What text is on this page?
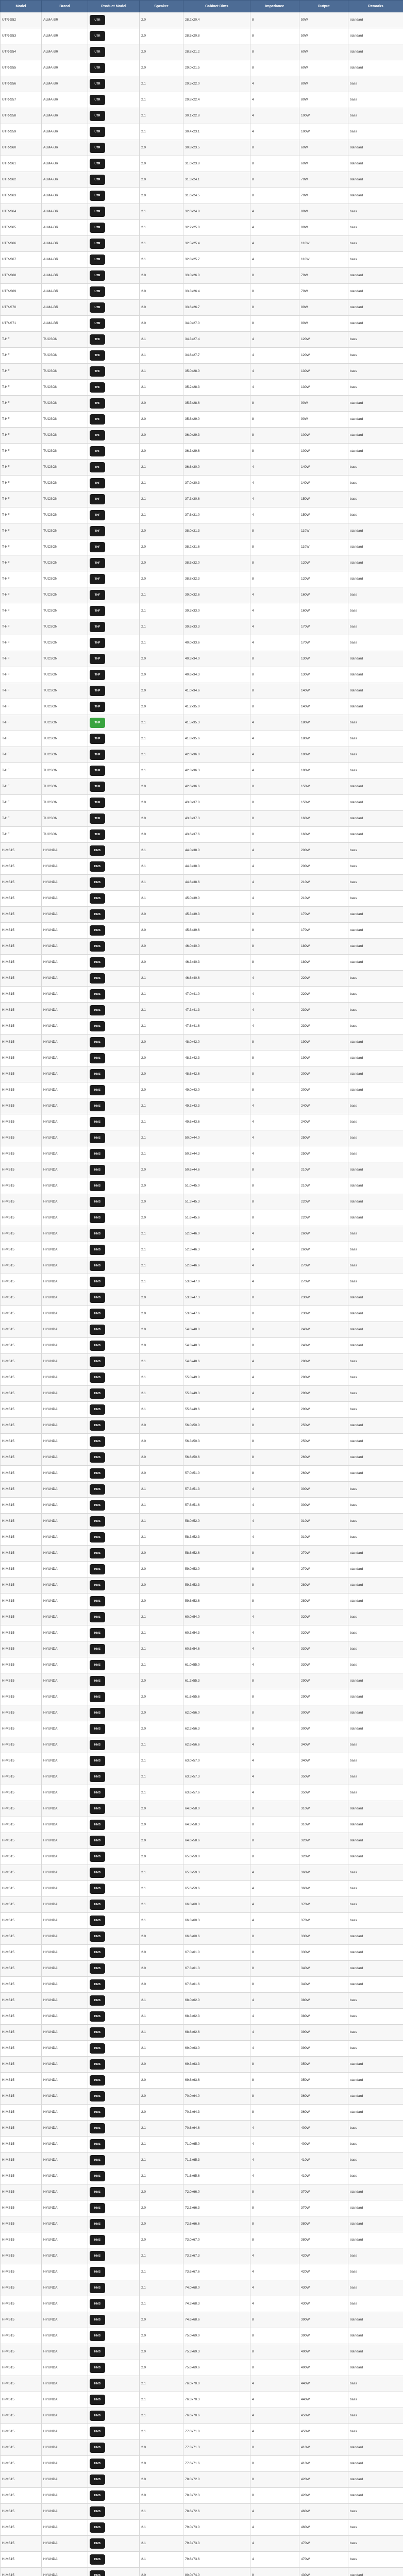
Model	Brand	Product Model	Speaker	Cabinet Dims	Impedance	Output	Remarks
UTR-S52	ALMA-BR	UTR	2.0	28.2x20.4	8	50W	standard
UTR-S53	ALMA-BR	UTR	2.0	28.5x20.8	8	50W	standard
UTR-S54	ALMA-BR	UTR	2.0	28.8x21.2	8	60W	standard
UTR-S55	ALMA-BR	UTR	2.0	29.0x21.5	8	60W	standard
UTR-S56	ALMA-BR	UTR	2.1	29.5x22.0	4	80W	bass
UTR-S57	ALMA-BR	UTR	2.1	29.8x22.4	4	80W	bass
UTR-S58	ALMA-BR	UTR	2.1	30.1x22.8	4	100W	bass
UTR-S59	ALMA-BR	UTR	2.1	30.4x23.1	4	100W	bass
UTR-S60	ALMA-BR	UTR	2.0	30.8x23.5	8	60W	standard
UTR-S61	ALMA-BR	UTR	2.0	31.0x23.8	8	60W	standard
UTR-S62	ALMA-BR	UTR	2.0	31.3x24.1	8	70W	standard
UTR-S63	ALMA-BR	UTR	2.0	31.6x24.5	8	70W	standard
UTR-S64	ALMA-BR	UTR	2.1	32.0x24.8	4	90W	bass
UTR-S65	ALMA-BR	UTR	2.1	32.2x25.0	4	90W	bass
UTR-S66	ALMA-BR	UTR	2.1	32.5x25.4	4	110W	bass
UTR-S67	ALMA-BR	UTR	2.1	32.8x25.7	4	110W	bass
UTR-S68	ALMA-BR	UTR	2.0	33.0x26.0	8	70W	standard
UTR-S69	ALMA-BR	UTR	2.0	33.3x26.4	8	70W	standard
UTR-S70	ALMA-BR	UTR	2.0	33.6x26.7	8	80W	standard
UTR-S71	ALMA-BR	UTR	2.0	34.0x27.0	8	80W	standard
T-HF	TUCSON	THF	2.1	34.3x27.4	4	120W	bass
T-HF	TUCSON	THF	2.1	34.6x27.7	4	120W	bass
T-HF	TUCSON	THF	2.1	35.0x28.0	4	130W	bass
T-HF	TUCSON	THF	2.1	35.2x28.3	4	130W	bass
T-HF	TUCSON	THF	2.0	35.5x28.6	8	90W	standard
T-HF	TUCSON	THF	2.0	35.8x29.0	8	90W	standard
T-HF	TUCSON	THF	2.0	36.0x29.3	8	100W	standard
T-HF	TUCSON	THF	2.0	36.3x29.6	8	100W	standard
T-HF	TUCSON	THF	2.1	36.6x30.0	4	140W	bass
T-HF	TUCSON	THF	2.1	37.0x30.3	4	140W	bass
T-HF	TUCSON	THF	2.1	37.3x30.6	4	150W	bass
T-HF	TUCSON	THF	2.1	37.6x31.0	4	150W	bass
T-HF	TUCSON	THF	2.0	38.0x31.3	8	110W	standard
T-HF	TUCSON	THF	2.0	38.2x31.6	8	110W	standard
T-HF	TUCSON	THF	2.0	38.5x32.0	8	120W	standard
T-HF	TUCSON	THF	2.0	38.8x32.3	8	120W	standard
T-HF	TUCSON	THF	2.1	39.0x32.6	4	160W	bass
T-HF	TUCSON	THF	2.1	39.3x33.0	4	160W	bass
T-HF	TUCSON	THF	2.1	39.6x33.3	4	170W	bass
T-HF	TUCSON	THF	2.1	40.0x33.6	4	170W	bass
T-HF	TUCSON	THF	2.0	40.3x34.0	8	130W	standard
T-HF	TUCSON	THF	2.0	40.6x34.3	8	130W	standard
T-HF	TUCSON	THF	2.0	41.0x34.6	8	140W	standard
T-HF	TUCSON	THF	2.0	41.2x35.0	8	140W	standard
T-HF	TUCSON	THF	2.1	41.5x35.3	4	180W	bass
T-HF	TUCSON	THF	2.1	41.8x35.6	4	180W	bass
T-HF	TUCSON	THF	2.1	42.0x36.0	4	190W	bass
T-HF	TUCSON	THF	2.1	42.3x36.3	4	190W	bass
T-HF	TUCSON	THF	2.0	42.6x36.6	8	150W	standard
T-HF	TUCSON	THF	2.0	43.0x37.0	8	150W	standard
T-HF	TUCSON	THF	2.0	43.3x37.3	8	160W	standard
T-HF	TUCSON	THF	2.0	43.6x37.6	8	160W	standard
H-MS15	HYUNDAI	HMS	2.1	44.0x38.0	4	200W	bass
H-MS15	HYUNDAI	HMS	2.1	44.3x38.3	4	200W	bass
H-MS15	HYUNDAI	HMS	2.1	44.6x38.6	4	210W	bass
H-MS15	HYUNDAI	HMS	2.1	45.0x39.0	4	210W	bass
H-MS15	HYUNDAI	HMS	2.0	45.3x39.3	8	170W	standard
H-MS15	HYUNDAI	HMS	2.0	45.6x39.6	8	170W	standard
H-MS15	HYUNDAI	HMS	2.0	46.0x40.0	8	180W	standard
H-MS15	HYUNDAI	HMS	2.0	46.3x40.3	8	180W	standard
H-MS15	HYUNDAI	HMS	2.1	46.6x40.6	4	220W	bass
H-MS15	HYUNDAI	HMS	2.1	47.0x41.0	4	220W	bass
H-MS15	HYUNDAI	HMS	2.1	47.3x41.3	4	230W	bass
H-MS15	HYUNDAI	HMS	2.1	47.6x41.6	4	230W	bass
H-MS15	HYUNDAI	HMS	2.0	48.0x42.0	8	190W	standard
H-MS15	HYUNDAI	HMS	2.0	48.3x42.3	8	190W	standard
H-MS15	HYUNDAI	HMS	2.0	48.6x42.6	8	200W	standard
H-MS15	HYUNDAI	HMS	2.0	49.0x43.0	8	200W	standard
H-MS15	HYUNDAI	HMS	2.1	49.3x43.3	4	240W	bass
H-MS15	HYUNDAI	HMS	2.1	49.6x43.6	4	240W	bass
H-MS15	HYUNDAI	HMS	2.1	50.0x44.0	4	250W	bass
H-MS15	HYUNDAI	HMS	2.1	50.3x44.3	4	250W	bass
H-MS15	HYUNDAI	HMS	2.0	50.6x44.6	8	210W	standard
H-MS15	HYUNDAI	HMS	2.0	51.0x45.0	8	210W	standard
H-MS15	HYUNDAI	HMS	2.0	51.3x45.3	8	220W	standard
H-MS15	HYUNDAI	HMS	2.0	51.6x45.6	8	220W	standard
H-MS15	HYUNDAI	HMS	2.1	52.0x46.0	4	260W	bass
H-MS15	HYUNDAI	HMS	2.1	52.3x46.3	4	260W	bass
H-MS15	HYUNDAI	HMS	2.1	52.6x46.6	4	270W	bass
H-MS15	HYUNDAI	HMS	2.1	53.0x47.0	4	270W	bass
H-MS15	HYUNDAI	HMS	2.0	53.3x47.3	8	230W	standard
H-MS15	HYUNDAI	HMS	2.0	53.6x47.6	8	230W	standard
H-MS15	HYUNDAI	HMS	2.0	54.0x48.0	8	240W	standard
H-MS15	HYUNDAI	HMS	2.0	54.3x48.3	8	240W	standard
H-MS15	HYUNDAI	HMS	2.1	54.6x48.6	4	280W	bass
H-MS15	HYUNDAI	HMS	2.1	55.0x49.0	4	280W	bass
H-MS15	HYUNDAI	HMS	2.1	55.3x49.3	4	290W	bass
H-MS15	HYUNDAI	HMS	2.1	55.6x49.6	4	290W	bass
H-MS15	HYUNDAI	HMS	2.0	56.0x50.0	8	250W	standard
H-MS15	HYUNDAI	HMS	2.0	56.3x50.3	8	250W	standard
H-MS15	HYUNDAI	HMS	2.0	56.6x50.6	8	260W	standard
H-MS15	HYUNDAI	HMS	2.0	57.0x51.0	8	260W	standard
H-MS15	HYUNDAI	HMS	2.1	57.3x51.3	4	300W	bass
H-MS15	HYUNDAI	HMS	2.1	57.6x51.6	4	300W	bass
H-MS15	HYUNDAI	HMS	2.1	58.0x52.0	4	310W	bass
H-MS15	HYUNDAI	HMS	2.1	58.3x52.3	4	310W	bass
H-MS15	HYUNDAI	HMS	2.0	58.6x52.6	8	270W	standard
H-MS15	HYUNDAI	HMS	2.0	59.0x53.0	8	270W	standard
H-MS15	HYUNDAI	HMS	2.0	59.3x53.3	8	280W	standard
H-MS15	HYUNDAI	HMS	2.0	59.6x53.6	8	280W	standard
H-MS15	HYUNDAI	HMS	2.1	60.0x54.0	4	320W	bass
H-MS15	HYUNDAI	HMS	2.1	60.3x54.3	4	320W	bass
H-MS15	HYUNDAI	HMS	2.1	60.6x54.6	4	330W	bass
H-MS15	HYUNDAI	HMS	2.1	61.0x55.0	4	330W	bass
H-MS15	HYUNDAI	HMS	2.0	61.3x55.3	8	290W	standard
H-MS15	HYUNDAI	HMS	2.0	61.6x55.6	8	290W	standard
H-MS15	HYUNDAI	HMS	2.0	62.0x56.0	8	300W	standard
H-MS15	HYUNDAI	HMS	2.0	62.3x56.3	8	300W	standard
H-MS15	HYUNDAI	HMS	2.1	62.6x56.6	4	340W	bass
H-MS15	HYUNDAI	HMS	2.1	63.0x57.0	4	340W	bass
H-MS15	HYUNDAI	HMS	2.1	63.3x57.3	4	350W	bass
H-MS15	HYUNDAI	HMS	2.1	63.6x57.6	4	350W	bass
H-MS15	HYUNDAI	HMS	2.0	64.0x58.0	8	310W	standard
H-MS15	HYUNDAI	HMS	2.0	64.3x58.3	8	310W	standard
H-MS15	HYUNDAI	HMS	2.0	64.6x58.6	8	320W	standard
H-MS15	HYUNDAI	HMS	2.0	65.0x59.0	8	320W	standard
H-MS15	HYUNDAI	HMS	2.1	65.3x59.3	4	360W	bass
H-MS15	HYUNDAI	HMS	2.1	65.6x59.6	4	360W	bass
H-MS15	HYUNDAI	HMS	2.1	66.0x60.0	4	370W	bass
H-MS15	HYUNDAI	HMS	2.1	66.3x60.3	4	370W	bass
H-MS15	HYUNDAI	HMS	2.0	66.6x60.6	8	330W	standard
H-MS15	HYUNDAI	HMS	2.0	67.0x61.0	8	330W	standard
H-MS15	HYUNDAI	HMS	2.0	67.3x61.3	8	340W	standard
H-MS15	HYUNDAI	HMS	2.0	67.6x61.6	8	340W	standard
H-MS15	HYUNDAI	HMS	2.1	68.0x62.0	4	380W	bass
H-MS15	HYUNDAI	HMS	2.1	68.3x62.3	4	380W	bass
H-MS15	HYUNDAI	HMS	2.1	68.6x62.6	4	390W	bass
H-MS15	HYUNDAI	HMS	2.1	69.0x63.0	4	390W	bass
H-MS15	HYUNDAI	HMS	2.0	69.3x63.3	8	350W	standard
H-MS15	HYUNDAI	HMS	2.0	69.6x63.6	8	350W	standard
H-MS15	HYUNDAI	HMS	2.0	70.0x64.0	8	360W	standard
H-MS15	HYUNDAI	HMS	2.0	70.3x64.3	8	360W	standard
H-MS15	HYUNDAI	HMS	2.1	70.6x64.6	4	400W	bass
H-MS15	HYUNDAI	HMS	2.1	71.0x65.0	4	400W	bass
H-MS15	HYUNDAI	HMS	2.1	71.3x65.3	4	410W	bass
H-MS15	HYUNDAI	HMS	2.1	71.6x65.6	4	410W	bass
H-MS15	HYUNDAI	HMS	2.0	72.0x66.0	8	370W	standard
H-MS15	HYUNDAI	HMS	2.0	72.3x66.3	8	370W	standard
H-MS15	HYUNDAI	HMS	2.0	72.6x66.6	8	380W	standard
H-MS15	HYUNDAI	HMS	2.0	73.0x67.0	8	380W	standard
H-MS15	HYUNDAI	HMS	2.1	73.3x67.3	4	420W	bass
H-MS15	HYUNDAI	HMS	2.1	73.6x67.6	4	420W	bass
H-MS15	HYUNDAI	HMS	2.1	74.0x68.0	4	430W	bass
H-MS15	HYUNDAI	HMS	2.1	74.3x68.3	4	430W	bass
H-MS15	HYUNDAI	HMS	2.0	74.6x68.6	8	390W	standard
H-MS15	HYUNDAI	HMS	2.0	75.0x69.0	8	390W	standard
H-MS15	HYUNDAI	HMS	2.0	75.3x69.3	8	400W	standard
H-MS15	HYUNDAI	HMS	2.0	75.6x69.6	8	400W	standard
H-MS15	HYUNDAI	HMS	2.1	76.0x70.0	4	440W	bass
H-MS15	HYUNDAI	HMS	2.1	76.3x70.3	4	440W	bass
H-MS15	HYUNDAI	HMS	2.1	76.6x70.6	4	450W	bass
H-MS15	HYUNDAI	HMS	2.1	77.0x71.0	4	450W	bass
H-MS15	HYUNDAI	HMS	2.0	77.3x71.3	8	410W	standard
H-MS15	HYUNDAI	HMS	2.0	77.6x71.6	8	410W	standard
H-MS15	HYUNDAI	HMS	2.0	78.0x72.0	8	420W	standard
H-MS15	HYUNDAI	HMS	2.0	78.3x72.3	8	420W	standard
H-MS15	HYUNDAI	HMS	2.1	78.6x72.6	4	460W	bass
H-MS15	HYUNDAI	HMS	2.1	79.0x73.0	4	460W	bass
H-MS15	HYUNDAI	HMS	2.1	79.3x73.3	4	470W	bass
H-MS15	HYUNDAI	HMS	2.1	79.6x73.6	4	470W	bass
H-MS15	HYUNDAI	HMS	2.0	80.0x74.0	8	430W	standard
